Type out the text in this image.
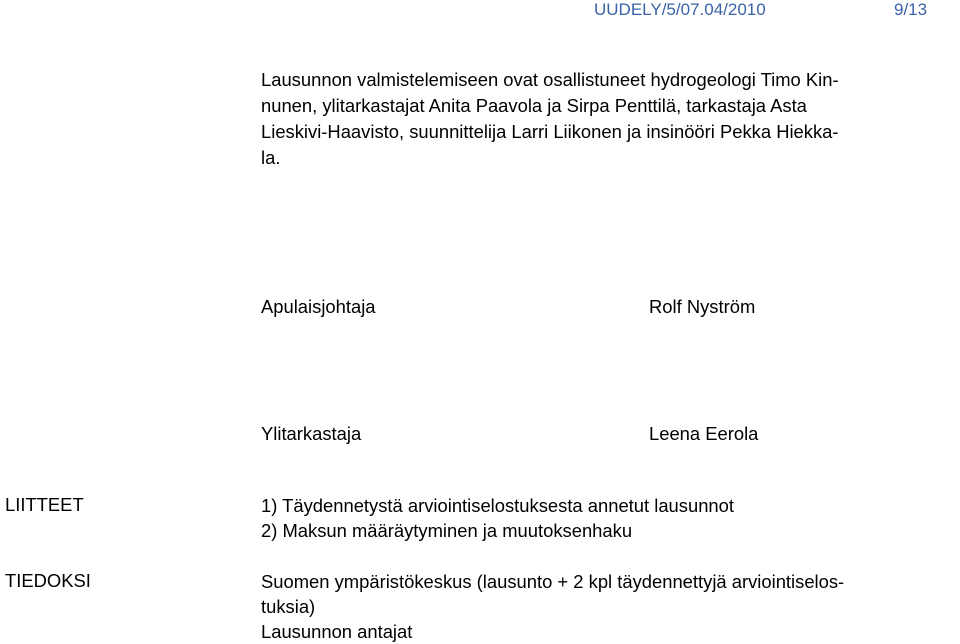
UUDELY/5/07.04/2010	9/13
Lausunnon valmistelemiseen ovat osallistuneet hydrogeologi Timo Kin-
nunen, ylitarkastajat Anita Paavola ja Sirpa Penttilä, tarkastaja Asta
Lieskivi-Haavisto, suunnittelija Larri Liikonen ja insinööri Pekka Hiekka-
la.
Apulaisjohtaja	Rolf Nyström
Ylitarkastaja	Leena Eerola
LIITTEET	1) Täydennetystä arviointiselostuksesta annetut lausunnot
2) Maksun määräytyminen ja muutoksenhaku
TIEDOKSI	Suomen ympäristökeskus (lausunto + 2 kpl täydennettyjä arviointiselos-
tuksia)
Lausunnon antajat
